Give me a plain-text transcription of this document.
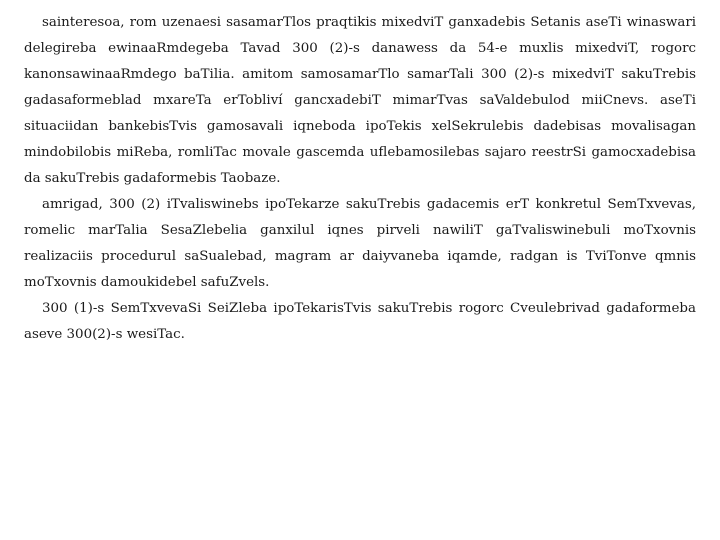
sainteresoa, rom uzenaesi sasamarTlos praqtikis mixedviT ganxadebis Setanis aseTi winaswari delegireba ewinaaRmdegeba Tavad 300 (2)-s danawess da 54-e muxlis mixedviT, rogorc kanonsawinaaRmdego baTilia. amitom samosamarTlo samarTali 300 (2)-s mixedviT sakuTrebis gadasaformeblad mxareTa erTobliví gancxadebiT mimarTvas saValdebulod miiCnevs. aseTi situaciidan bankebisTvis gamosavali iqneboda ipoTekis xelSekrulebis dadebisas movalisagan mindobilobis miReba, romliTac movale gascemda uflebamosilebas sajaro reestrSi gamocxadebisa da sakuTrebis gadaformebis Taobaze.

amrigad, 300 (2) iTvaliswinebs ipoTekarze sakuTrebis gadacemis erT konkretul SemTxvevas, romelic marTalia SesaZlebelia ganxilul iqnes pirveli nawiliT gaTvaliswinebuli moTxovnis realizaciis procedurul saSualebad, magram ar daiyvaneba iqamde, radgan is TviTonve qmnis moTxovnis damoukidebel safuZvels.

300 (1)-s SemTxvevaSi SeiZleba ipoTekarisTvis sakuTrebis rogorc Cveulebrivad gadaformeba aseve 300(2)-s wesiTac.
